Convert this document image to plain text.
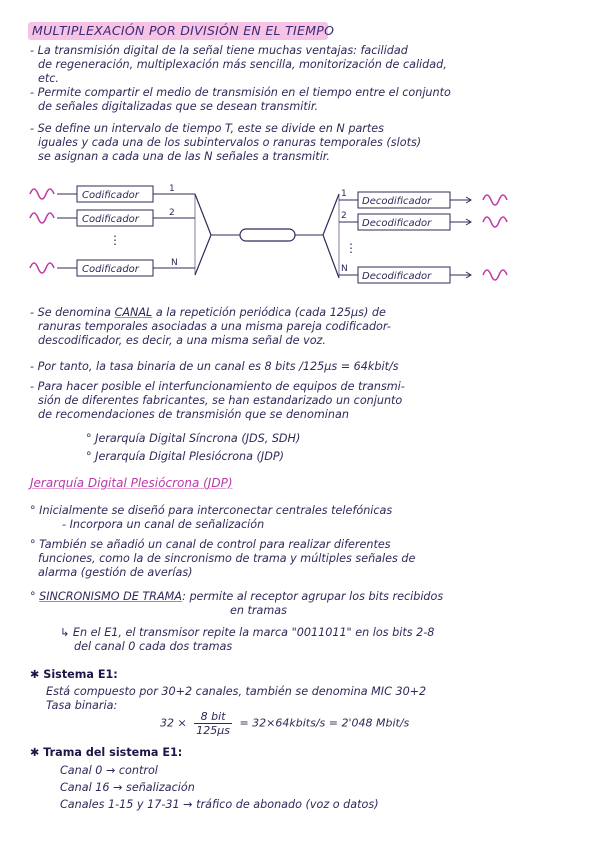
MULTIPLEXACIÓN POR DIVISIÓN EN EL TIEMPO
- La transmisión digital de la señal tiene muchas ventajas: facilidad
de regeneración, multiplexación más sencilla, monitorización de calidad,
etc.
- Permite compartir el medio de transmisión en el tiempo entre el conjunto
de señales digitalizadas que se desean transmitir.
- Se define un intervalo de tiempo T, este se divide en N partes
iguales y cada una de los subintervalos o ranuras temporales (slots)
se asignan a cada una de las N señales a transmitir.
Codificador
Codificador
Codificador
⋮
1
2
N
1
2
N
⋮
Decodificador
Decodificador
Decodificador
- Se denomina CANAL a la repetición periódica (cada 125µs) de
ranuras temporales asociadas a una misma pareja codificador-
descodificador, es decir, a una misma señal de voz.
- Por tanto, la tasa binaria de un canal es 8 bits /125µs = 64kbit/s
- Para hacer posible el interfuncionamiento de equipos de transmi-
sión de diferentes fabricantes, se han estandarizado un conjunto
de recomendaciones de transmisión que se denominan
° Jerarquía Digital Síncrona (JDS, SDH)
° Jerarquía Digital Plesiócrona (JDP)
Jerarquía Digital Plesiócrona (JDP)
° Inicialmente se diseñó para interconectar centrales telefónicas
- Incorpora un canal de señalización
° También se añadió un canal de control para realizar diferentes
funciones, como la de sincronismo de trama y múltiples señales de
alarma (gestión de averías)
° SINCRONISMO DE TRAMA: permite al receptor agrupar los bits recibidos
en tramas
↳ En el E1, el transmisor repite la marca "0011011" en los bits 2-8
del canal 0 cada dos tramas
✱ Sistema E1:
Está compuesto por 30+2 canales, también se denomina MIC 30+2
Tasa binaria:
$32 \times \frac{\text{8 bit}}{\text{125µs}}$ = 32×64kbits/s = 2'048 Mbit/s
✱ Trama del sistema E1:
Canal 0 → control
Canal 16 → señalización
Canales 1-15 y 17-31 → tráfico de abonado (voz o datos)
